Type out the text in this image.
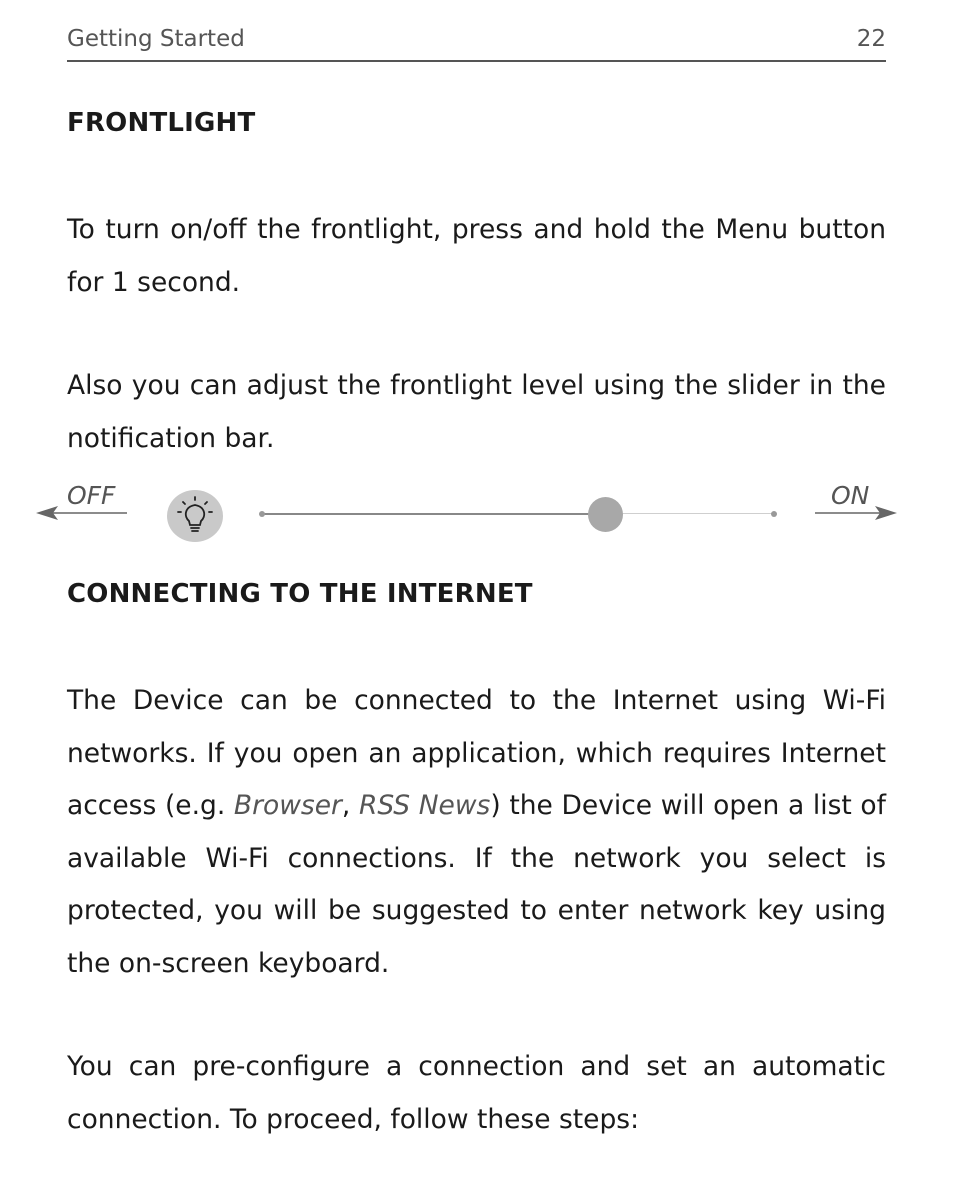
Getting Started	22
FRONTLIGHT

To turn on/off the frontlight, press and hold the Menu button for 1 second.

Also you can adjust the frontlight level using the slider in the notification bar.

OFF	ON
CONNECTING TO THE INTERNET

The Device can be connected to the Internet using Wi-Fi networks. If you open an application, which requires Internet access (e.g. Browser, RSS News) the Device will open a list of available Wi-Fi connections. If the network you select is protected, you will be suggested to enter network key using the on-screen keyboard.

You can pre-configure a connection and set an automatic connection. To proceed, follow these steps:
